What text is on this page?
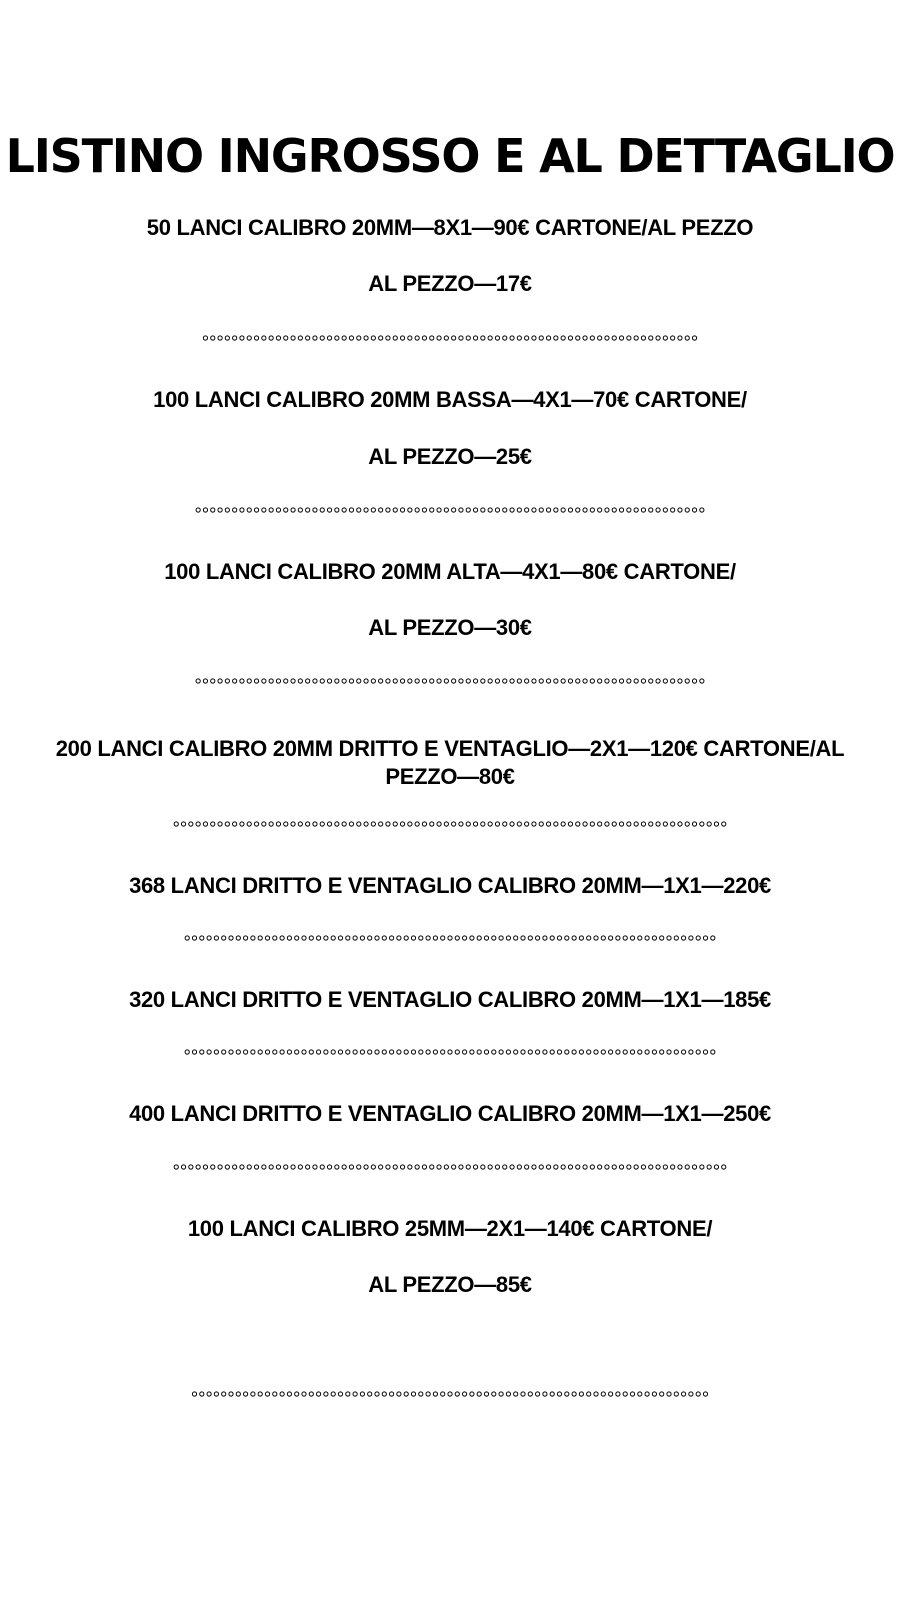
LISTINO INGROSSO E AL DETTAGLIO

50 LANCI CALIBRO 20MM—8X1—90€ CARTONE/AL PEZZO

AL PEZZO—17€

100 LANCI CALIBRO 20MM BASSA—4X1—70€ CARTONE/

AL PEZZO—25€

100 LANCI CALIBRO 20MM ALTA—4X1—80€ CARTONE/

AL PEZZO—30€

200 LANCI CALIBRO 20MM DRITTO E VENTAGLIO—2X1—120€ CARTONE/AL PEZZO—80€

368 LANCI DRITTO E VENTAGLIO CALIBRO 20MM—1X1—220€

320 LANCI DRITTO E VENTAGLIO CALIBRO 20MM—1X1—185€

400 LANCI DRITTO E VENTAGLIO CALIBRO 20MM—1X1—250€

100 LANCI CALIBRO 25MM—2X1—140€ CARTONE/

AL PEZZO—85€
